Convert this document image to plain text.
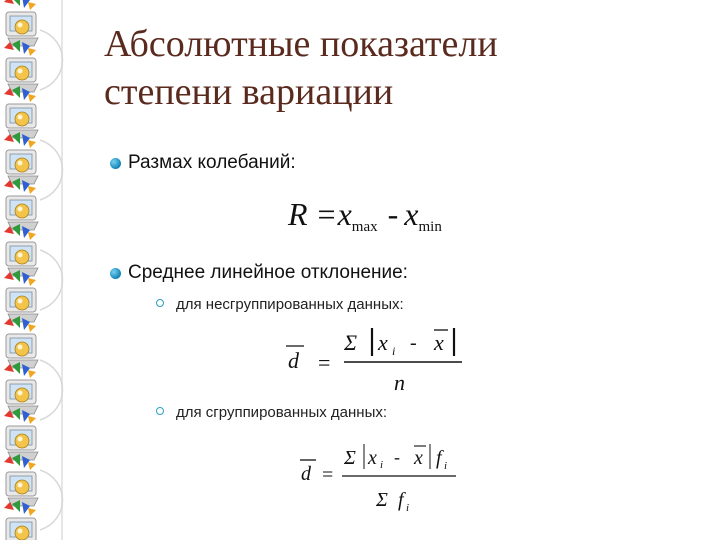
Абсолютные показатели
степени вариации
Размах колебаний:
R =xmax - xmin
Среднее линейное отклонение:
для несгруппированных данных:
d =
Σ x i - x
n
для сгруппированных данных:
d =
Σ x i - x f i
Σ f i
